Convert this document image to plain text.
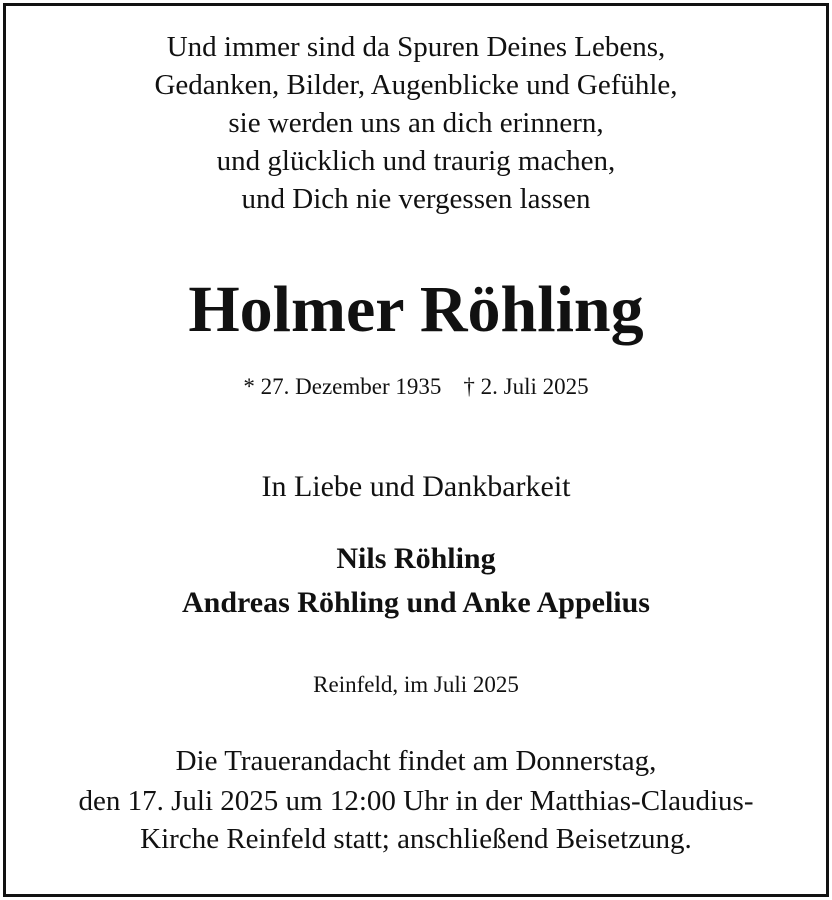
Und immer sind da Spuren Deines Lebens,
Gedanken, Bilder, Augenblicke und Gefühle,
sie werden uns an dich erinnern,
und glücklich und traurig machen,
und Dich nie vergessen lassen
Holmer Röhling
* 27. Dezember 1935 † 2. Juli 2025
In Liebe und Dankbarkeit
Nils Röhling
Andreas Röhling und Anke Appelius
Reinfeld, im Juli 2025
Die Trauerandacht findet am Donnerstag,
den 17. Juli 2025 um 12:00 Uhr in der Matthias-Claudius-
Kirche Reinfeld statt; anschließend Beisetzung.
